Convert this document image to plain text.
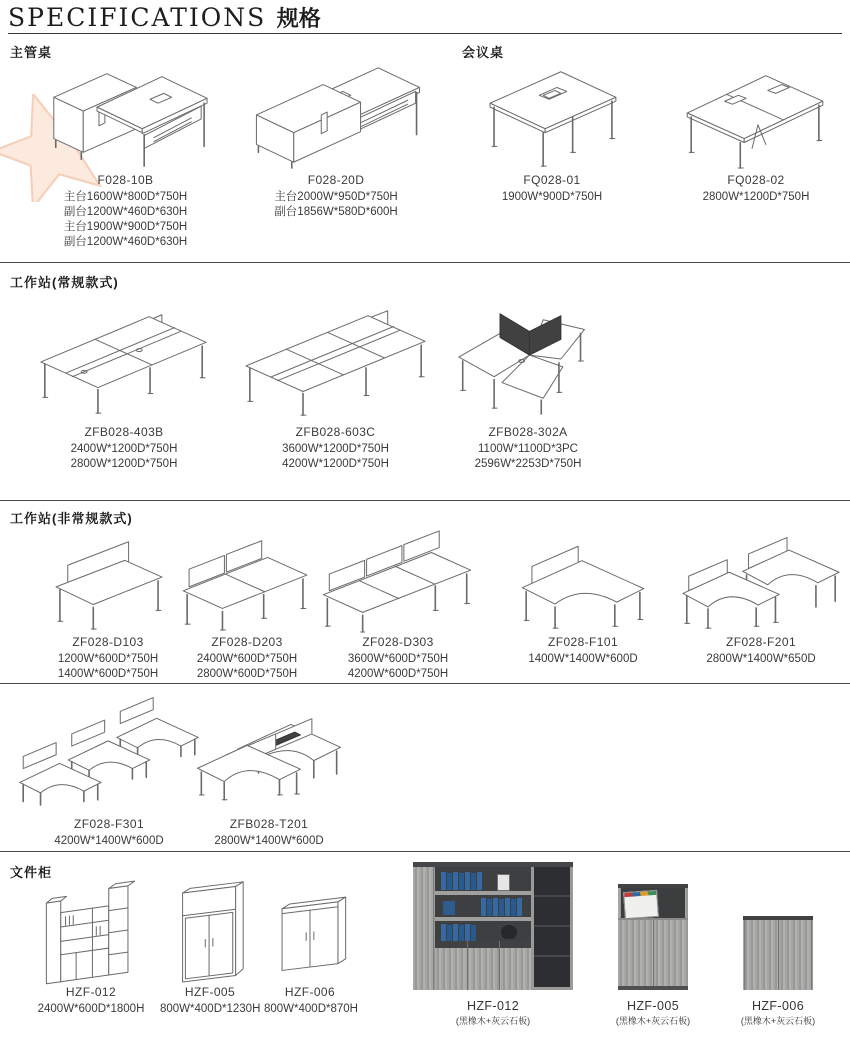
SPECIFICATIONS 规格
主管桌	会议桌
工作站(常规款式)
工作站(非常规款式)
文件柜
F028-10B
主台1600W*800D*750H
副台1200W*460D*630H
主台1900W*900D*750H
副台1200W*460D*630H
F028-20D
主台2000W*950D*750H
副台1856W*580D*600H
FQ028-01
1900W*900D*750H
FQ028-02
2800W*1200D*750H
ZFB028-403B
2400W*1200D*750H
2800W*1200D*750H
ZFB028-603C
3600W*1200D*750H
4200W*1200D*750H
ZFB028-302A
1100W*1100D*3PC
2596W*2253D*750H
ZF028-D103
1200W*600D*750H
1400W*600D*750H
ZF028-D203
2400W*600D*750H
2800W*600D*750H
ZF028-D303
3600W*600D*750H
4200W*600D*750H
ZF028-F101
1400W*1400W*600D
ZF028-F201
2800W*1400W*650D
ZF028-F301
4200W*1400W*600D
ZFB028-T201
2800W*1400W*600D
HZF-012
2400W*600D*1800H
HZF-005
800W*400D*1230H
HZF-006
800W*400D*870H	HZF-012
(黑橡木+灰云石板)
HZF-005
(黑橡木+灰云石板)
HZF-006
(黑橡木+灰云石板)
